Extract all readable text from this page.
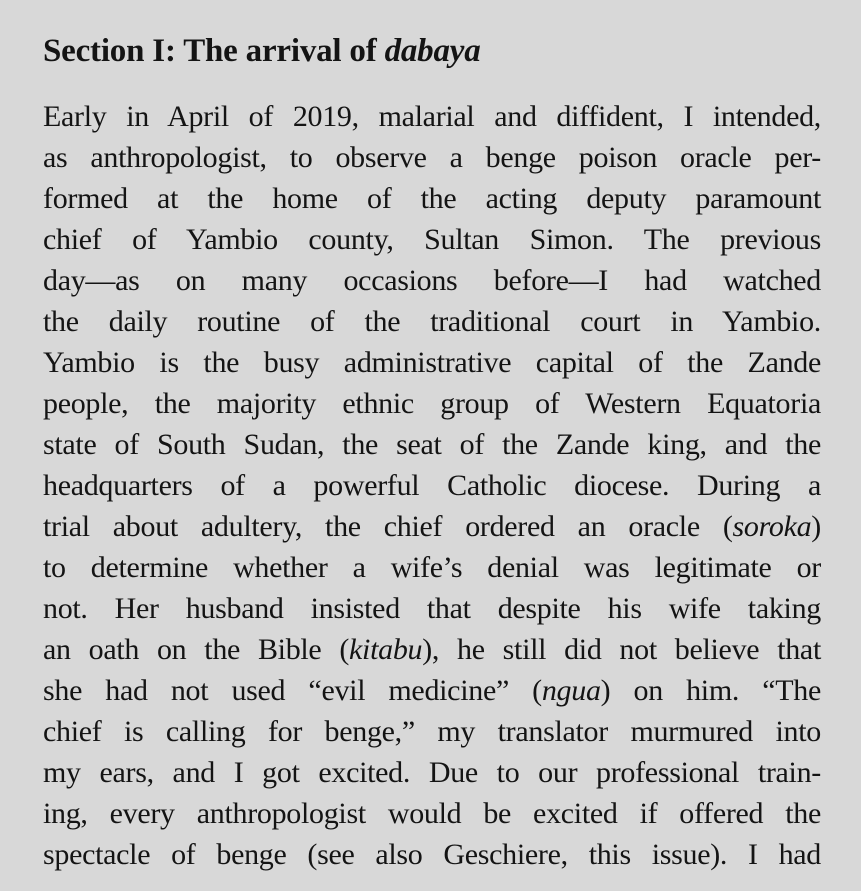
Section I: The arrival of dabaya
Early in April of 2019, malarial and diffident, I intended,
as anthropologist, to observe a benge poison oracle per-
formed at the home of the acting deputy paramount
chief of Yambio county, Sultan Simon. The previous
day—as on many occasions before—I had watched
the daily routine of the traditional court in Yambio.
Yambio is the busy administrative capital of the Zande
people, the majority ethnic group of Western Equatoria
state of South Sudan, the seat of the Zande king, and the
headquarters of a powerful Catholic diocese. During a
trial about adultery, the chief ordered an oracle (soroka)
to determine whether a wife’s denial was legitimate or
not. Her husband insisted that despite his wife taking
an oath on the Bible (kitabu), he still did not believe that
she had not used “evil medicine” (ngua) on him. “The
chief is calling for benge,” my translator murmured into
my ears, and I got excited. Due to our professional train-
ing, every anthropologist would be excited if offered the
spectacle of benge (see also Geschiere, this issue). I had
